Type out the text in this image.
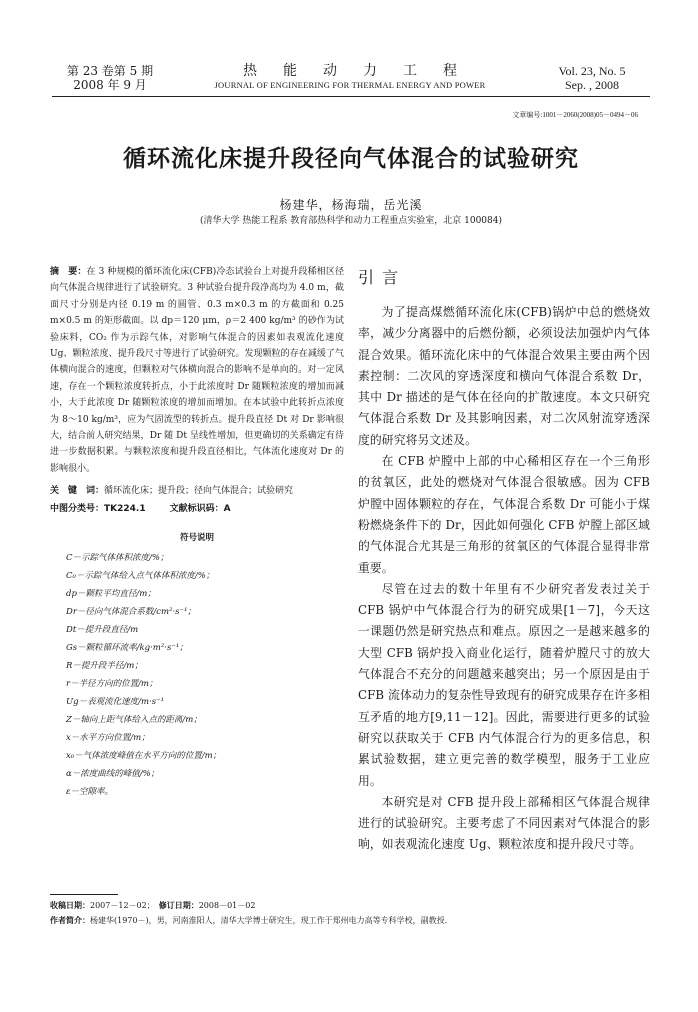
第 23 卷第 5 期
2008 年 9 月
热能动力工程
JOURNAL OF ENGINEERING FOR THERMAL ENERGY AND POWER
Vol. 23, No. 5
Sep. , 2008
文章编号:1001－2060(2008)05－0494－06
循环流化床提升段径向气体混合的试验研究
杨建华，杨海瑞，岳光溪
(清华大学 热能工程系 教育部热科学和动力工程重点实验室，北京 100084)

摘　要：在 3 种规模的循环流化床(CFB)冷态试验台上对提升段稀相区径向气体混合规律进行了试验研究。3 种试验台提升段净高均为 4.0 m，截面尺寸分别是内径 0.19 m 的圆管、0.3 m×0.3 m 的方截面和 0.25 m×0.5 m 的矩形截面。以 dp＝120 μm，ρ＝2 400 kg/m³ 的砂作为试验床料，CO₂ 作为示踪气体，对影响气体混合的因素如表观流化速度 Ug、颗粒浓度、提升段尺寸等进行了试验研究。发现颗粒的存在减缓了气体横向混合的速度，但颗粒对气体横向混合的影响不是单向的。对一定风速，存在一个颗粒浓度转折点，小于此浓度时 Dr 随颗粒浓度的增加而减小，大于此浓度 Dr 随颗粒浓度的增加而增加。在本试验中此转折点浓度为 8～10 kg/m³，应为气固流型的转折点。提升段直径 Dt 对 Dr 影响很大，结合前人研究结果，Dr 随 Dt 呈线性增加，但更确切的关系确定有待进一步数据积累。与颗粒浓度和提升段直径相比，气体流化速度对 Dr 的影响很小。

关　键　词：循环流化床；提升段；径向气体混合；试验研究
中图分类号：TK224.1	文献标识码：A
符号说明
C－示踪气体体积浓度/%；
C₀－示踪气体给入点气体体积浓度/%；
dp－颗粒平均直径/m；
Dr－径向气体混合系数/cm²·s⁻¹；
Dt－提升段直径/m
Gs－颗粒循环流率/kg·m²·s⁻¹；
R－提升段半径/m；
r－半径方向的位置/m；
Ug－表观流化速度/m·s⁻¹
Z－轴向上距气体给入点的距离/m；
x－水平方向位置/m；
x₀－气体浓度峰值在水平方向的位置/m；
α－浓度曲线的峰值/%；
ε－空隙率。
引言

为了提高煤燃循环流化床(CFB)锅炉中总的燃烧效率，减少分离器中的后燃份额，必须设法加强炉内气体混合效果。循环流化床中的气体混合效果主要由两个因素控制：二次风的穿透深度和横向气体混合系数 Dr，其中 Dr 描述的是气体在径向的扩散速度。本文只研究气体混合系数 Dr 及其影响因素，对二次风射流穿透深度的研究将另文述及。

在 CFB 炉膛中上部的中心稀相区存在一个三角形的贫氧区，此处的燃烧对气体混合很敏感。因为 CFB 炉膛中固体颗粒的存在，气体混合系数 Dr 可能小于煤粉燃烧条件下的 Dr，因此如何强化 CFB 炉膛上部区域的气体混合尤其是三角形的贫氧区的气体混合显得非常重要。

尽管在过去的数十年里有不少研究者发表过关于 CFB 锅炉中气体混合行为的研究成果[1－7]，今天这一课题仍然是研究热点和难点。原因之一是越来越多的大型 CFB 锅炉投入商业化运行，随着炉膛尺寸的放大气体混合不充分的问题越来越突出；另一个原因是由于 CFB 流体动力的复杂性导致现有的研究成果存在许多相互矛盾的地方[9,11－12]。因此，需要进行更多的试验研究以获取关于 CFB 内气体混合行为的更多信息，积累试验数据，建立更完善的数学模型，服务于工业应用。

本研究是对 CFB 提升段上部稀相区气体混合规律进行的试验研究。主要考虑了不同因素对气体混合的影响，如表观流化速度 Ug、颗粒浓度和提升段尺寸等。

收稿日期：2007－12－02；　 修订日期：2008－01－02
作者简介：杨建华(1970－)，男，河南淮阳人，清华大学博士研究生，现工作于郑州电力高等专科学校，副教授.
